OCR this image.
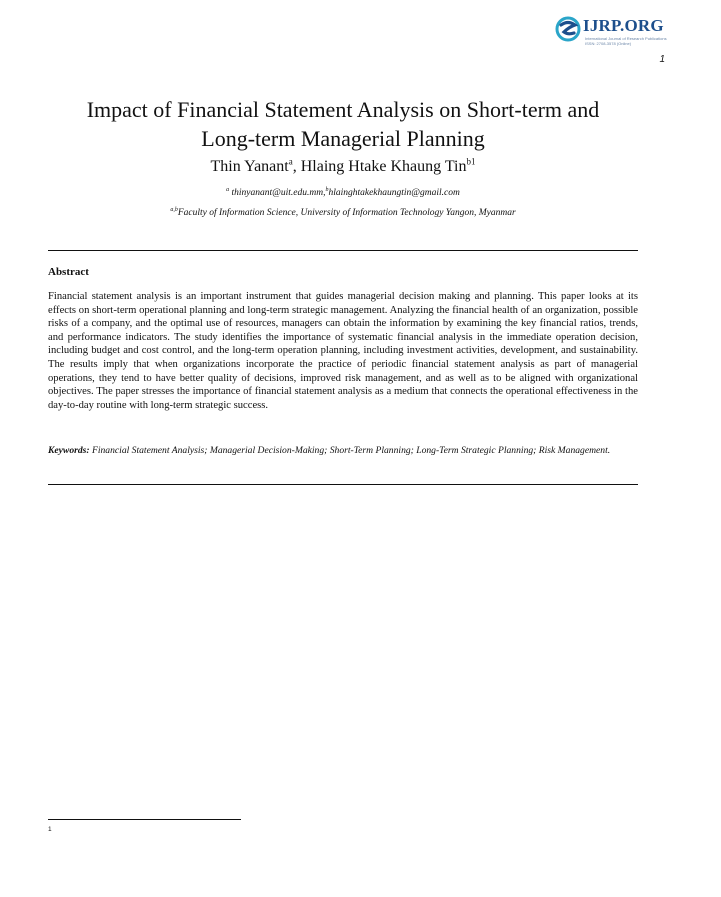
IJRP.ORG
International Journal of Research Publications
ISSN: 2708-3578 (Online)
1
Impact of Financial Statement Analysis on Short-term and
Long-term Managerial Planning
Thin Yanant$^a$, Hlaing Htake Khaung Tin$^{b1}$
$^a$ thinyanant@uit.edu.mm,$^b$hlainghtakekhaungtin@gmail.com
$^{a,b}$Faculty of Information Science, University of Information Technology Yangon, Myanmar
Abstract
Financial statement analysis is an important instrument that guides managerial decision making and planning. This paper looks at its effects on short-term operational planning and long-term strategic management. Analyzing the financial health of an organization, possible risks of a company, and the optimal use of resources, managers can obtain the information by examining the key financial ratios, trends, and performance indicators. The study identifies the importance of systematic financial analysis in the immediate operation decision, including budget and cost control, and the long-term operation planning, including investment activities, development, and sustainability. The results imply that when organizations incorporate the practice of periodic financial statement analysis as part of managerial operations, they tend to have better quality of decisions, improved risk management, and as well as to be aligned with organizational objectives. The paper stresses the importance of financial statement analysis as a medium that connects the operational effectiveness in the day-to-day routine with long-term strategic success.
Keywords: Financial Statement Analysis; Managerial Decision-Making; Short-Term Planning; Long-Term Strategic Planning; Risk Management.
1
